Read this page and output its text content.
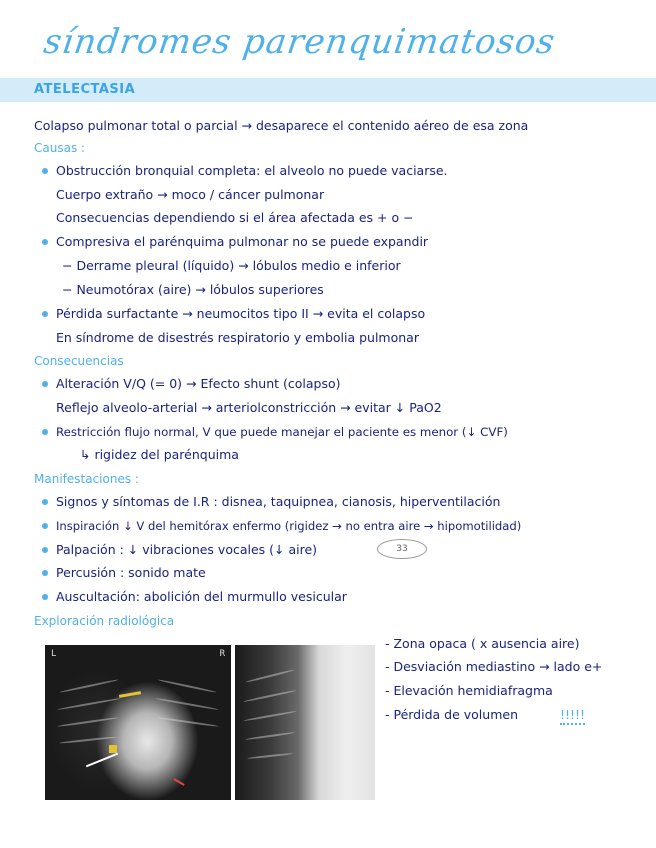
síndromes parenquimatosos
ATELECTASIA
Colapso pulmonar total o parcial → desaparece el contenido aéreo de esa zona
Causas :
Obstrucción bronquial completa: el alveolo no puede vaciarse.
Cuerpo extraño → moco / cáncer pulmonar
Consecuencias dependiendo si el área afectada es + o −
Compresiva el parénquima pulmonar no se puede expandir
− Derrame pleural (líquido) → lóbulos medio e inferior
− Neumotórax (aire) → lóbulos superiores
Pérdida surfactante → neumocitos tipo II → evita el colapso
En síndrome de disestrés respiratorio y embolia pulmonar
Consecuencias
Alteración V/Q (= 0) → Efecto shunt (colapso)
Reflejo alveolo-arterial → arteriolconstricción → evitar ↓ PaO2
Restricción flujo normal, V que puede manejar el paciente es menor (↓ CVF)
↳ rigidez del parénquima
Manifestaciones :
Signos y síntomas de I.R : disnea, taquipnea, cianosis, hiperventilación
Inspiración ↓ V del hemitórax enfermo (rigidez → no entra aire → hipomotilidad)
Palpación : ↓ vibraciones vocales (↓ aire)	33
Percusión : sonido mate
Auscultación: abolición del murmullo vesicular
Exploración radiológica
L	R
- Zona opaca ( x ausencia aire)
- Desviación mediastino → lado e+
- Elevación hemidiafragma
- Pérdida de volumen	!!!!!
